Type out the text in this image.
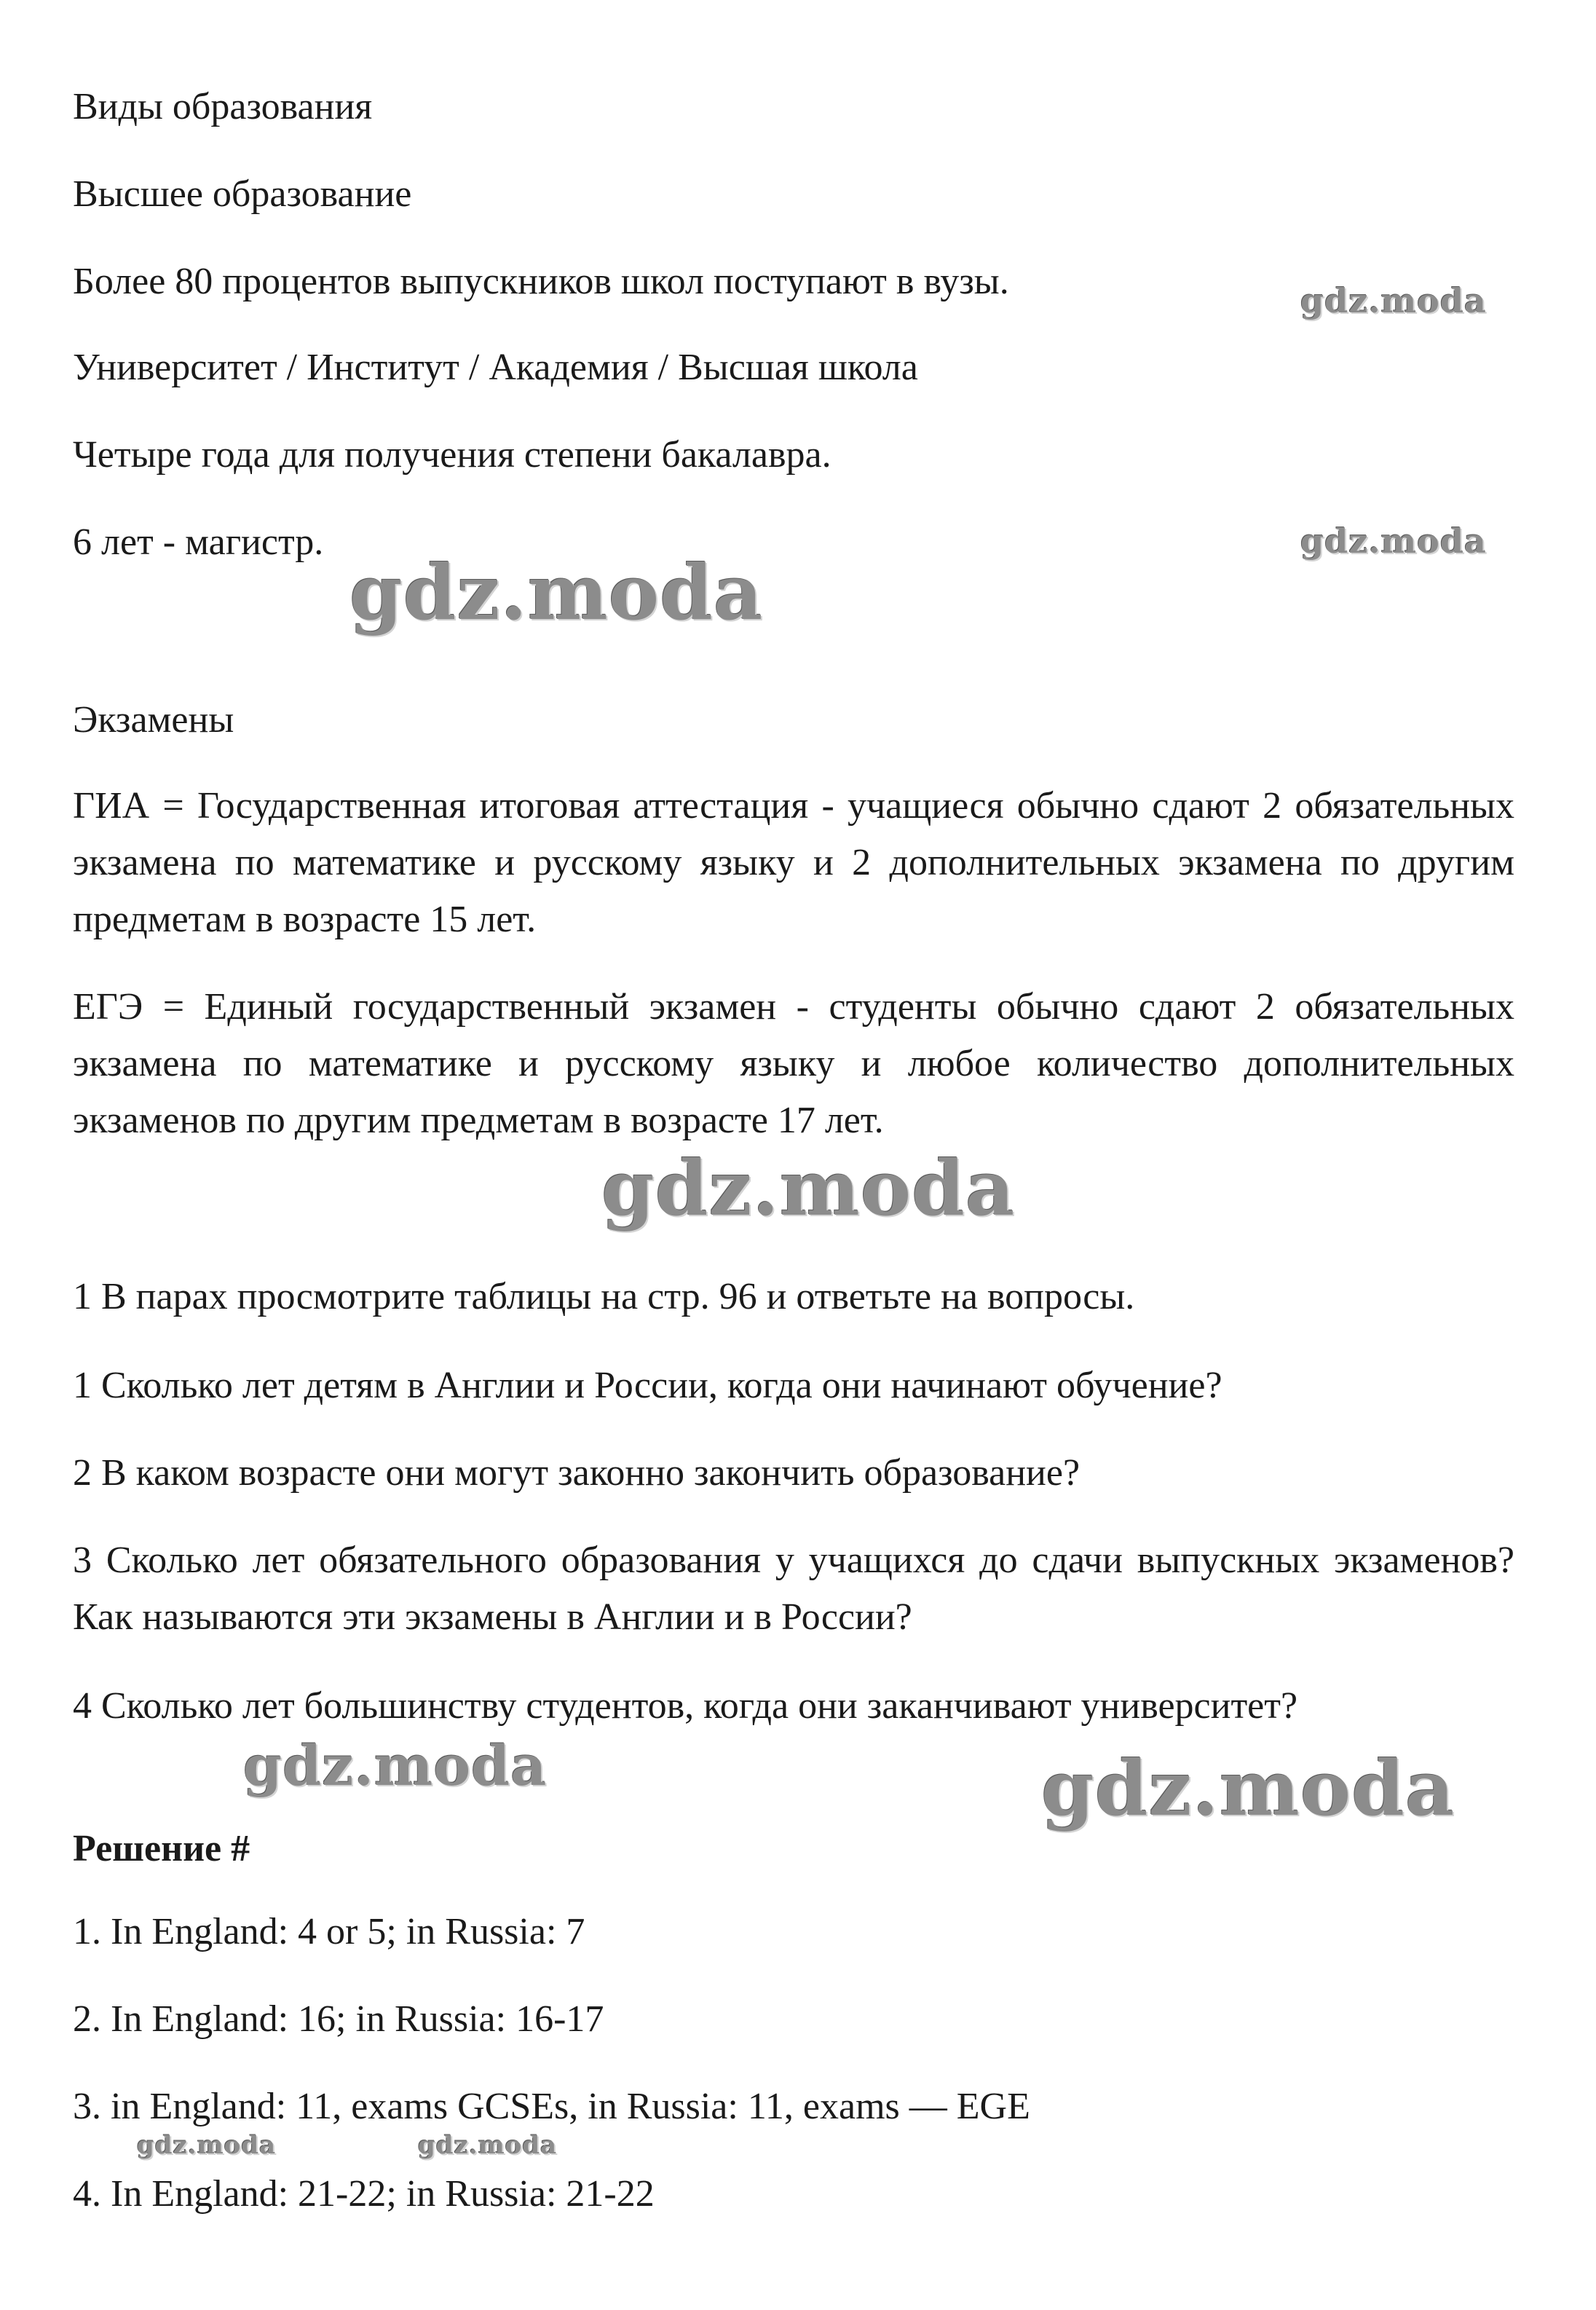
Виды образования

Высшее образование

Более 80 процентов выпускников школ поступают в вузы.

Университет / Институт / Академия / Высшая школа

Четыре года для получения степени бакалавра.

6 лет - магистр.

Экзамены

ГИА = Государственная итоговая аттестация - учащиеся обычно сдают 2 обязательных экзамена по математике и русскому языку и 2 дополнительных экзамена по другим предметам в возрасте 15 лет.

ЕГЭ = Единый государственный экзамен - студенты обычно сдают 2 обязательных экзамена по математике и русскому языку и любое количество дополнительных экзаменов по другим предметам в возрасте 17 лет.

1 В парах просмотрите таблицы на стр. 96 и ответьте на вопросы.

1 Сколько лет детям в Англии и России, когда они начинают обучение?

2 В каком возрасте они могут законно закончить образование?

3 Сколько лет обязательного образования у учащихся до сдачи выпускных экзаменов? Как называются эти экзамены в Англии и в России?

4 Сколько лет большинству студентов, когда они заканчивают университет?

Решение #

1. In England: 4 or 5; in Russia: 7

2. In England: 16; in Russia: 16-17

3. in England: 11, exams GCSEs, in Russia: 11, exams — EGE

4. In England: 21-22; in Russia: 21-22

gdz.moda
gdz.moda
gdz.moda
gdz.moda
gdz.moda	gdz.moda
gdz.moda	gdz.moda
